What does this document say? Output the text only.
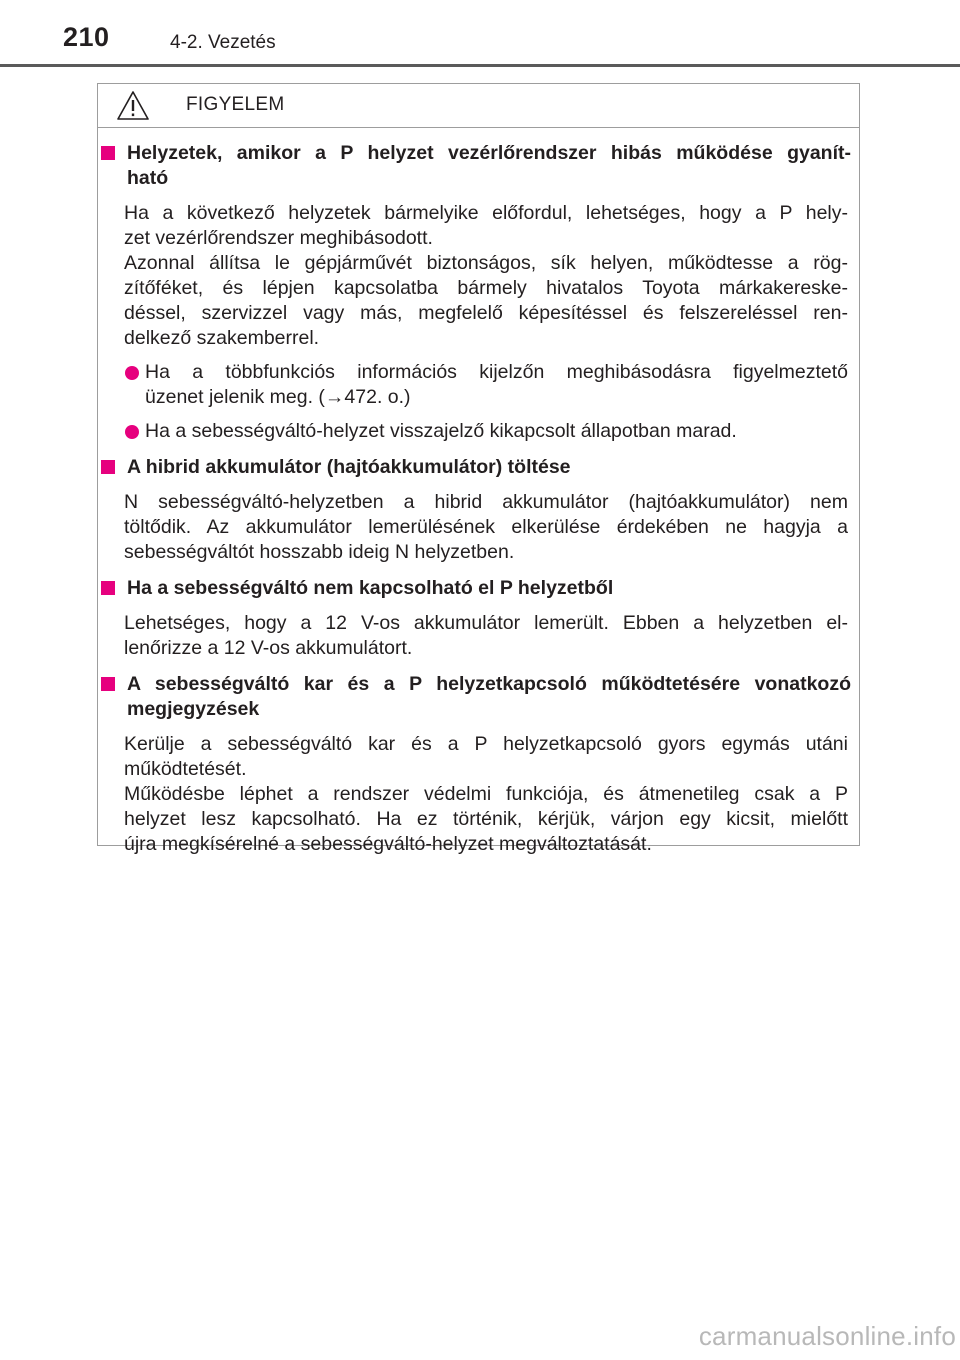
210	4-2. Vezetés
FIGYELEM
Helyzetek, amikor a P helyzet vezérlőrendszer hibás működése gyanít-
ható
Ha a következő helyzetek bármelyike előfordul, lehetséges, hogy a P hely-
zet vezérlőrendszer meghibásodott.
Azonnal állítsa le gépjárművét biztonságos, sík helyen, működtesse a rög-
zítőféket, és lépjen kapcsolatba bármely hivatalos Toyota márkakereske-
déssel, szervizzel vagy más, megfelelő képesítéssel és felszereléssel ren-
delkező szakemberrel.
Ha a többfunkciós információs kijelzőn meghibásodásra figyelmeztető
üzenet jelenik meg. (→472. o.)
Ha a sebességváltó-helyzet visszajelző kikapcsolt állapotban marad.
A hibrid akkumulátor (hajtóakkumulátor) töltése
N sebességváltó-helyzetben a hibrid akkumulátor (hajtóakkumulátor) nem
töltődik. Az akkumulátor lemerülésének elkerülése érdekében ne hagyja a
sebességváltót hosszabb ideig N helyzetben.
Ha a sebességváltó nem kapcsolható el P helyzetből
Lehetséges, hogy a 12 V-os akkumulátor lemerült. Ebben a helyzetben el-
lenőrizze a 12 V-os akkumulátort.
A sebességváltó kar és a P helyzetkapcsoló működtetésére vonatkozó
megjegyzések
Kerülje a sebességváltó kar és a P helyzetkapcsoló gyors egymás utáni
működtetését.
Működésbe léphet a rendszer védelmi funkciója, és átmenetileg csak a P
helyzet lesz kapcsolható. Ha ez történik, kérjük, várjon egy kicsit, mielőtt
újra megkísérelné a sebességváltó-helyzet megváltoztatását.
carmanualsonline.info
